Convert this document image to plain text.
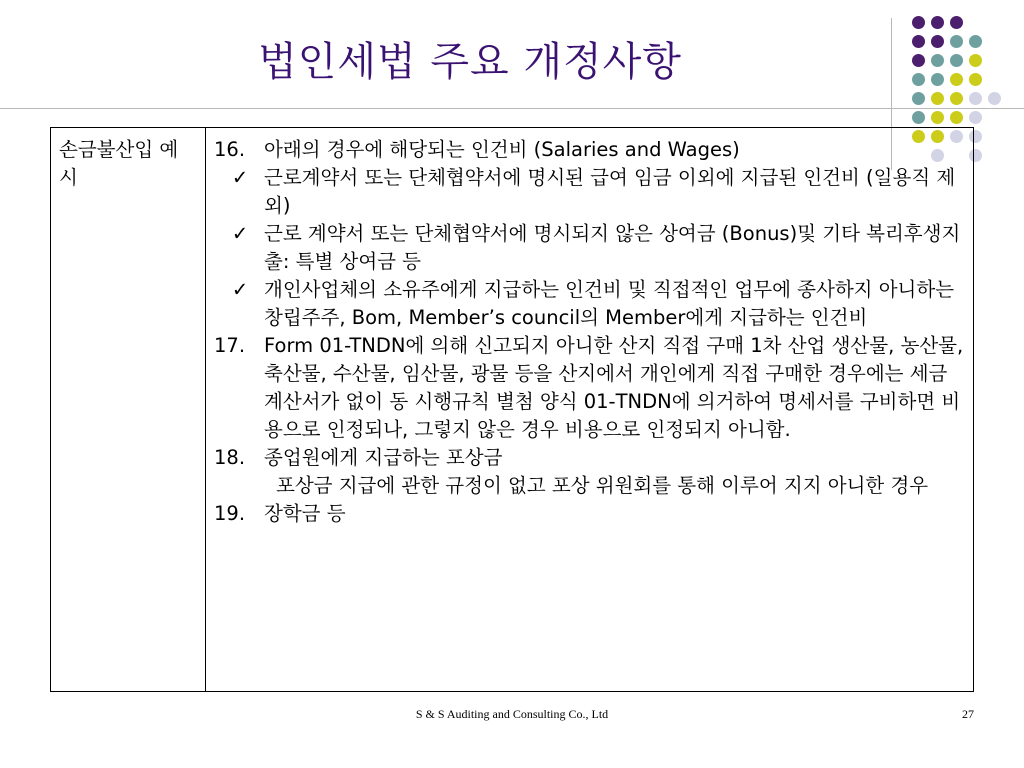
법인세법 주요 개정사항
손금불산입 예시	
16. 아래의 경우에 해당되는 인건비 (Salaries and Wages)
✓ 근로계약서 또는 단체협약서에 명시된 급여 임금 이외에 지급된 인건비 (일용직 제외)
✓ 근로 계약서 또는 단체협약서에 명시되지 않은 상여금 (Bonus)및 기타 복리후생지출: 특별 상여금 등
✓ 개인사업체의 소유주에게 지급하는 인건비 및 직접적인 업무에 종사하지 아니하는 창립주주, Bom, Member’s council의 Member에게 지급하는 인건비
17. Form 01-TNDN에 의해 신고되지 아니한 산지 직접 구매 1차 산업 생산물, 농산물, 축산물, 수산물, 임산물, 광물 등을 산지에서 개인에게 직접 구매한 경우에는 세금계산서가 없이 동 시행규칙 별첨 양식 01-TNDN에 의거하여 명세서를 구비하면 비용으로 인정되나, 그렇지 않은 경우 비용으로 인정되지 아니함.
18. 종업원에게 지급하는 포상금
포상금 지급에 관한 규정이 없고 포상 위원회를 통해 이루어 지지 아니한 경우
19. 장학금 등
S & S Auditing and Consulting Co., Ltd	27
